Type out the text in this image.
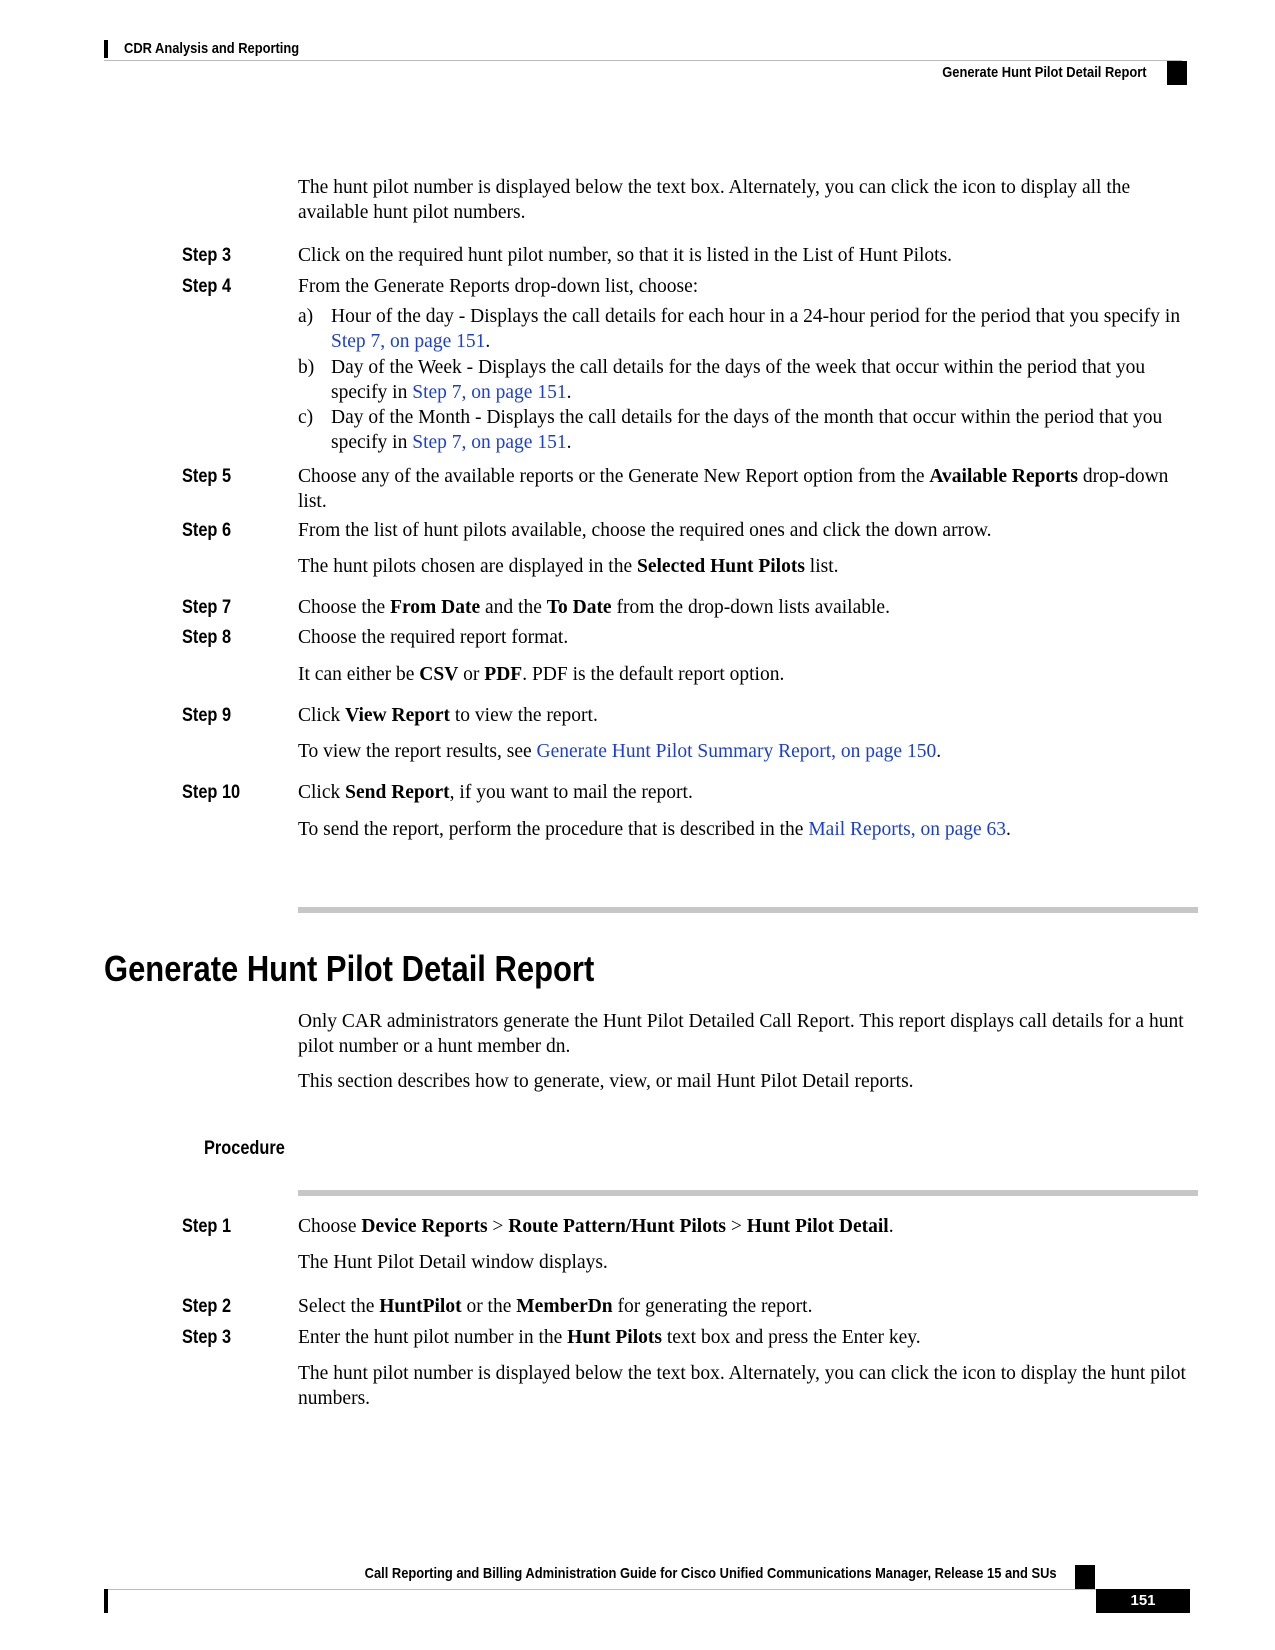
CDR Analysis and Reporting
Generate Hunt Pilot Detail Report
The hunt pilot number is displayed below the text box. Alternately, you can click the icon to display all the available hunt pilot numbers.
Step 3	Click on the required hunt pilot number, so that it is listed in the List of Hunt Pilots.
Step 4	From the Generate Reports drop-down list, choose:
a) Hour of the day - Displays the call details for each hour in a 24-hour period for the period that you specify in Step 7, on page 151.
b) Day of the Week - Displays the call details for the days of the week that occur within the period that you specify in Step 7, on page 151.
c) Day of the Month - Displays the call details for the days of the month that occur within the period that you specify in Step 7, on page 151.
Step 5	Choose any of the available reports or the Generate New Report option from the Available Reports drop-down list.
Step 6	From the list of hunt pilots available, choose the required ones and click the down arrow.
The hunt pilots chosen are displayed in the Selected Hunt Pilots list.
Step 7	Choose the From Date and the To Date from the drop-down lists available.
Step 8	Choose the required report format.
It can either be CSV or PDF. PDF is the default report option.
Step 9	Click View Report to view the report.
To view the report results, see Generate Hunt Pilot Summary Report, on page 150.
Step 10	Click Send Report, if you want to mail the report.
To send the report, perform the procedure that is described in the Mail Reports, on page 63.
Generate Hunt Pilot Detail Report
Only CAR administrators generate the Hunt Pilot Detailed Call Report. This report displays call details for a hunt pilot number or a hunt member dn.
This section describes how to generate, view, or mail Hunt Pilot Detail reports.
Procedure
Step 1	Choose Device Reports > Route Pattern/Hunt Pilots > Hunt Pilot Detail.
The Hunt Pilot Detail window displays.
Step 2	Select the HuntPilot or the MemberDn for generating the report.
Step 3	Enter the hunt pilot number in the Hunt Pilots text box and press the Enter key.
The hunt pilot number is displayed below the text box. Alternately, you can click the icon to display the hunt pilot numbers.
Call Reporting and Billing Administration Guide for Cisco Unified Communications Manager, Release 15 and SUs
151
